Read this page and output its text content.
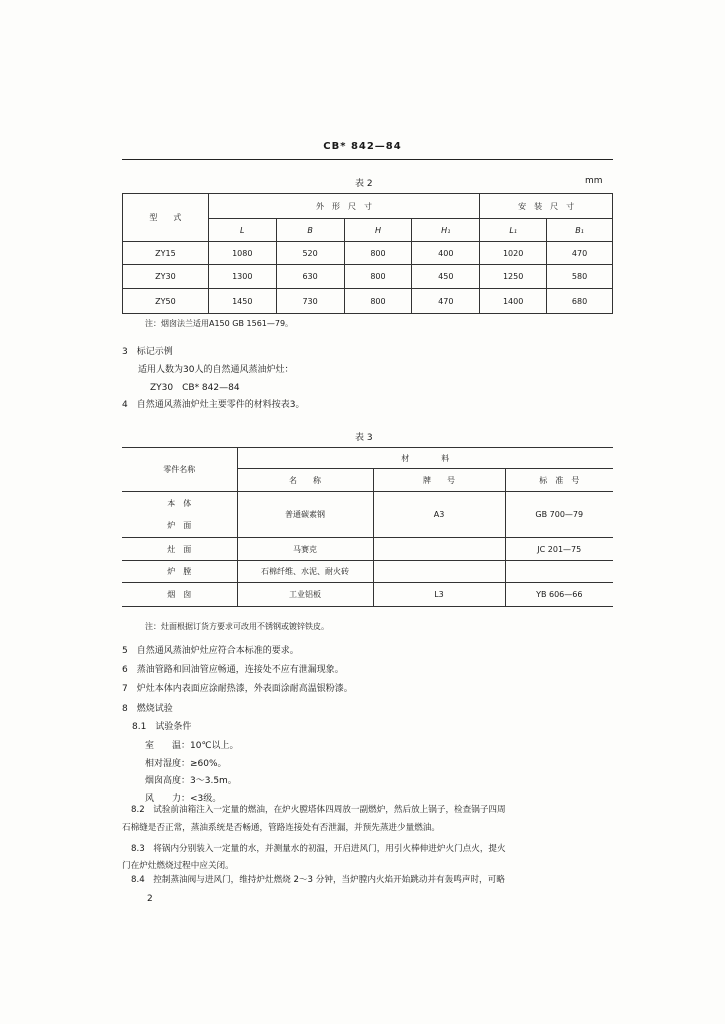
CB* 842—84
表 2	mm
型　　式	外　形　尺　寸				安　装　尺　寸	
	L	B	H	H₁	L₁	B₁
ZY15	1080	520	800	400	1020	470
ZY30	1300	630	800	450	1250	580
ZY50	1450	730	800	470	1400	680
注：烟囱法兰适用A150 GB 1561—79。
3　标记示例
适用人数为30人的自然通风蒸油炉灶：
ZY30　CB* 842—84
4　自然通风蒸油炉灶主要零件的材料按表3。
表 3
零件名称	材　　　　料		
	名　　称	牌　　号	标　准　号

本　体
炉　面	普通碳素钢	A3	GB 700—79
灶　面	马赛克		JC 201—75
炉　膛	石棉纤维、水泥、耐火砖		
烟　囱	工业铝板	L3	YB 606—66
注：灶面根据订货方要求可改用不锈钢或镀锌铁皮。
5　自然通风蒸油炉灶应符合本标准的要求。
6　蒸油管路和回油管应畅通，连接处不应有泄漏现象。
7　炉灶本体内表面应涂耐热漆，外表面涂耐高温银粉漆。
8　燃烧试验
8.1　试验条件
室　　温：10℃以上。
相对湿度：≥60%。
烟囱高度：3～3.5m。
风　　力：<3级。
8.2　试验前油箱注入一定量的燃油，在炉火膛塔体四周放一副燃炉，然后放上锅子，检查锅子四周
石棉缝是否正常，蒸油系统是否畅通，管路连接处有否泄漏，并预先蒸进少量燃油。
8.3　将锅内分别装入一定量的水，并测量水的初温，开启进风门，用引火棒伸进炉火门点火，提火
门在炉灶燃烧过程中应关闭。
8.4　控制蒸油阀与进风门，维持炉灶燃烧 2～3 分钟，当炉膛内火焰开始跳动并有轰鸣声时，可略
2
